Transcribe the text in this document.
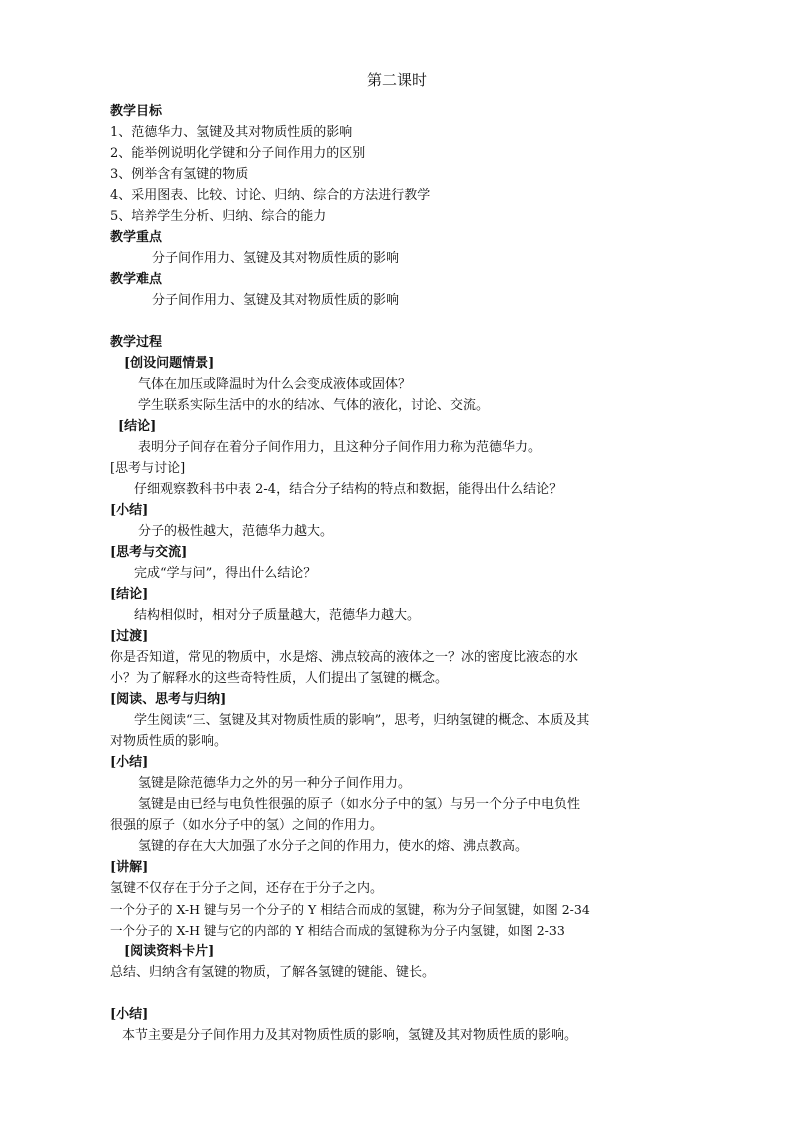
第二课时
教学目标
1、范德华力、氢键及其对物质性质的影响
2、能举例说明化学键和分子间作用力的区别
3、例举含有氢键的物质
4、采用图表、比较、讨论、归纳、综合的方法进行教学
5、培养学生分析、归纳、综合的能力
教学重点
分子间作用力、氢键及其对物质性质的影响
教学难点
分子间作用力、氢键及其对物质性质的影响
教学过程
[创设问题情景]
气体在加压或降温时为什么会变成液体或固体？
学生联系实际生活中的水的结冰、气体的液化，讨论、交流。
[结论]
表明分子间存在着分子间作用力，且这种分子间作用力称为范德华力。
[思考与讨论]
仔细观察教科书中表 2-4，结合分子结构的特点和数据，能得出什么结论？
[小结]
分子的极性越大，范德华力越大。
[思考与交流]
完成“学与问”，得出什么结论？
[结论]
结构相似时，相对分子质量越大，范德华力越大。
[过渡]
你是否知道，常见的物质中，水是熔、沸点较高的液体之一？冰的密度比液态的水
小？为了解释水的这些奇特性质，人们提出了氢键的概念。
[阅读、思考与归纳]
学生阅读“三、氢键及其对物质性质的影响”，思考，归纳氢键的概念、本质及其
对物质性质的影响。
[小结]
氢键是除范德华力之外的另一种分子间作用力。
氢键是由已经与电负性很强的原子（如水分子中的氢）与另一个分子中电负性
很强的原子（如水分子中的氢）之间的作用力。
氢键的存在大大加强了水分子之间的作用力，使水的熔、沸点教高。
[讲解]
氢键不仅存在于分子之间，还存在于分子之内。
一个分子的 X-H 键与另一个分子的 Y 相结合而成的氢键，称为分子间氢键，如图 2-34
一个分子的 X-H 键与它的内部的 Y 相结合而成的氢键称为分子内氢键，如图 2-33
[阅读资料卡片]
总结、归纳含有氢键的物质，了解各氢键的键能、键长。
[小结]
本节主要是分子间作用力及其对物质性质的影响，氢键及其对物质性质的影响。
